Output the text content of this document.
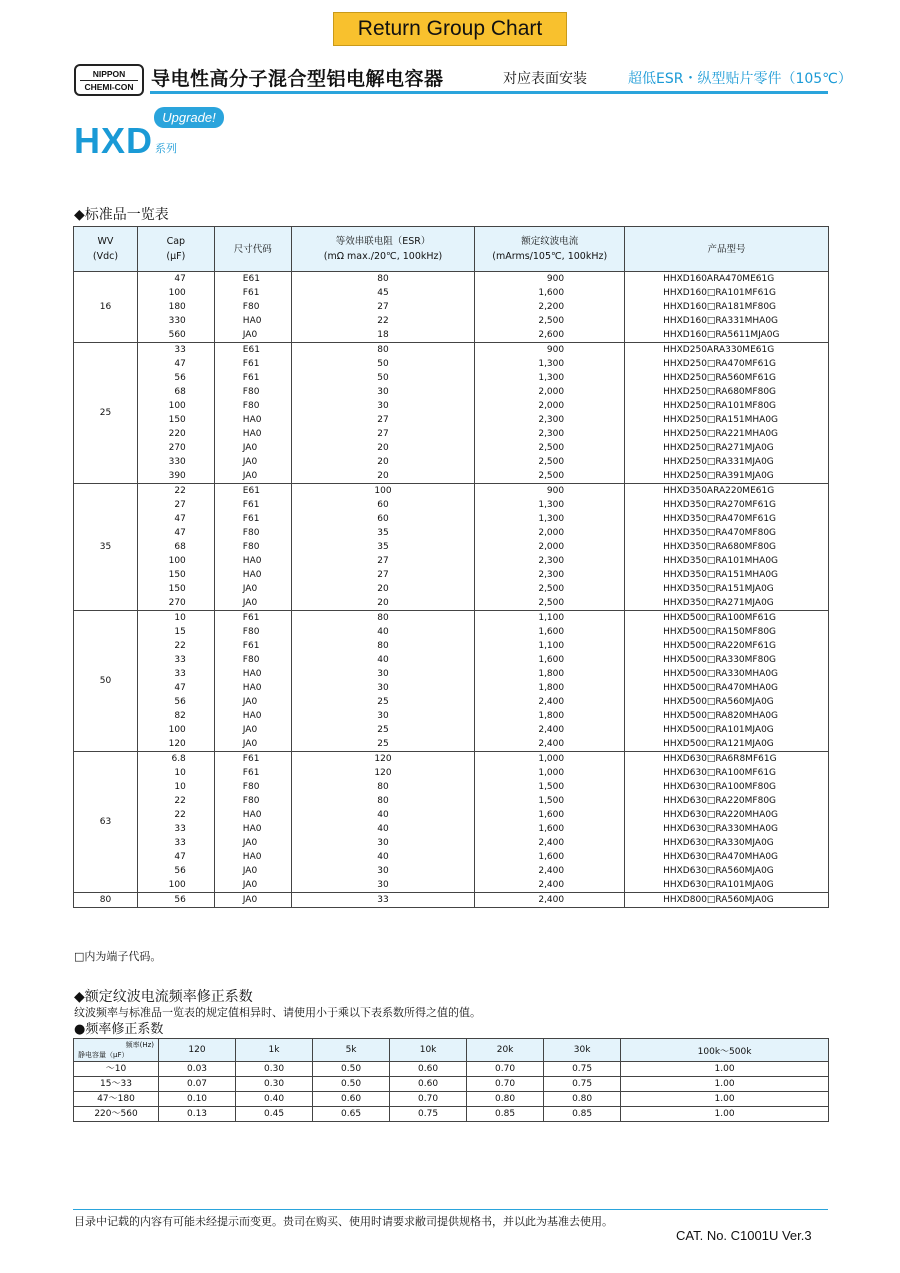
Return Group Chart
NIPPON
CHEMI-CON 导电性高分子混合型铝电解电容器	对应表面安装	超低ESR・纵型贴片零件（105℃）
Upgrade!
HXD 系列
◆标准品一览表
WV
(Vdc)	Cap
(μF)	尺寸代码	等效串联电阻（ESR）
(mΩ max./20℃, 100kHz)	额定纹波电流
(mArms/105℃, 100kHz)	产品型号
16	47	E61	80	900	HHXD160ARA470ME61G
	100	F61	45	1,600	HHXD160□RA101MF61G
	180	F80	27	2,200	HHXD160□RA181MF80G
	330	HA0	22	2,500	HHXD160□RA331MHA0G
	560	JA0	18	2,600	HHXD160□RA5611MJA0G
25	33	E61	80	900	HHXD250ARA330ME61G
	47	F61	50	1,300	HHXD250□RA470MF61G
	56	F61	50	1,300	HHXD250□RA560MF61G
	68	F80	30	2,000	HHXD250□RA680MF80G
	100	F80	30	2,000	HHXD250□RA101MF80G
	150	HA0	27	2,300	HHXD250□RA151MHA0G
	220	HA0	27	2,300	HHXD250□RA221MHA0G
	270	JA0	20	2,500	HHXD250□RA271MJA0G
	330	JA0	20	2,500	HHXD250□RA331MJA0G
	390	JA0	20	2,500	HHXD250□RA391MJA0G
35	22	E61	100	900	HHXD350ARA220ME61G
	27	F61	60	1,300	HHXD350□RA270MF61G
	47	F61	60	1,300	HHXD350□RA470MF61G
	47	F80	35	2,000	HHXD350□RA470MF80G
	68	F80	35	2,000	HHXD350□RA680MF80G
	100	HA0	27	2,300	HHXD350□RA101MHA0G
	150	HA0	27	2,300	HHXD350□RA151MHA0G
	150	JA0	20	2,500	HHXD350□RA151MJA0G
	270	JA0	20	2,500	HHXD350□RA271MJA0G
50	10	F61	80	1,100	HHXD500□RA100MF61G
	15	F80	40	1,600	HHXD500□RA150MF80G
	22	F61	80	1,100	HHXD500□RA220MF61G
	33	F80	40	1,600	HHXD500□RA330MF80G
	33	HA0	30	1,800	HHXD500□RA330MHA0G
	47	HA0	30	1,800	HHXD500□RA470MHA0G
	56	JA0	25	2,400	HHXD500□RA560MJA0G
	82	HA0	30	1,800	HHXD500□RA820MHA0G
	100	JA0	25	2,400	HHXD500□RA101MJA0G
	120	JA0	25	2,400	HHXD500□RA121MJA0G
63	6.8	F61	120	1,000	HHXD630□RA6R8MF61G
	10	F61	120	1,000	HHXD630□RA100MF61G
	10	F80	80	1,500	HHXD630□RA100MF80G
	22	F80	80	1,500	HHXD630□RA220MF80G
	22	HA0	40	1,600	HHXD630□RA220MHA0G
	33	HA0	40	1,600	HHXD630□RA330MHA0G
	33	JA0	30	2,400	HHXD630□RA330MJA0G
	47	HA0	40	1,600	HHXD630□RA470MHA0G
	56	JA0	30	2,400	HHXD630□RA560MJA0G
	100	JA0	30	2,400	HHXD630□RA101MJA0G
80	56	JA0	33	2,400	HHXD800□RA560MJA0G
□内为端子代码。
◆额定纹波电流频率修正系数
纹波频率与标准品一览表的规定值相异时、请使用小于乘以下表系数所得之值的值。
●频率修正系数
频率(Hz)
静电容量（μF）	120	1k	5k	10k	20k	30k	100k～500k
～10	0.03	0.30	0.50	0.60	0.70	0.75	1.00
15～33	0.07	0.30	0.50	0.60	0.70	0.75	1.00
47～180	0.10	0.40	0.60	0.70	0.80	0.80	1.00
220～560	0.13	0.45	0.65	0.75	0.85	0.85	1.00
目录中记载的内容有可能未经提示而变更。贵司在购买、使用时请要求敝司提供规格书，并以此为基准去使用。
CAT. No. C1001U Ver.3
